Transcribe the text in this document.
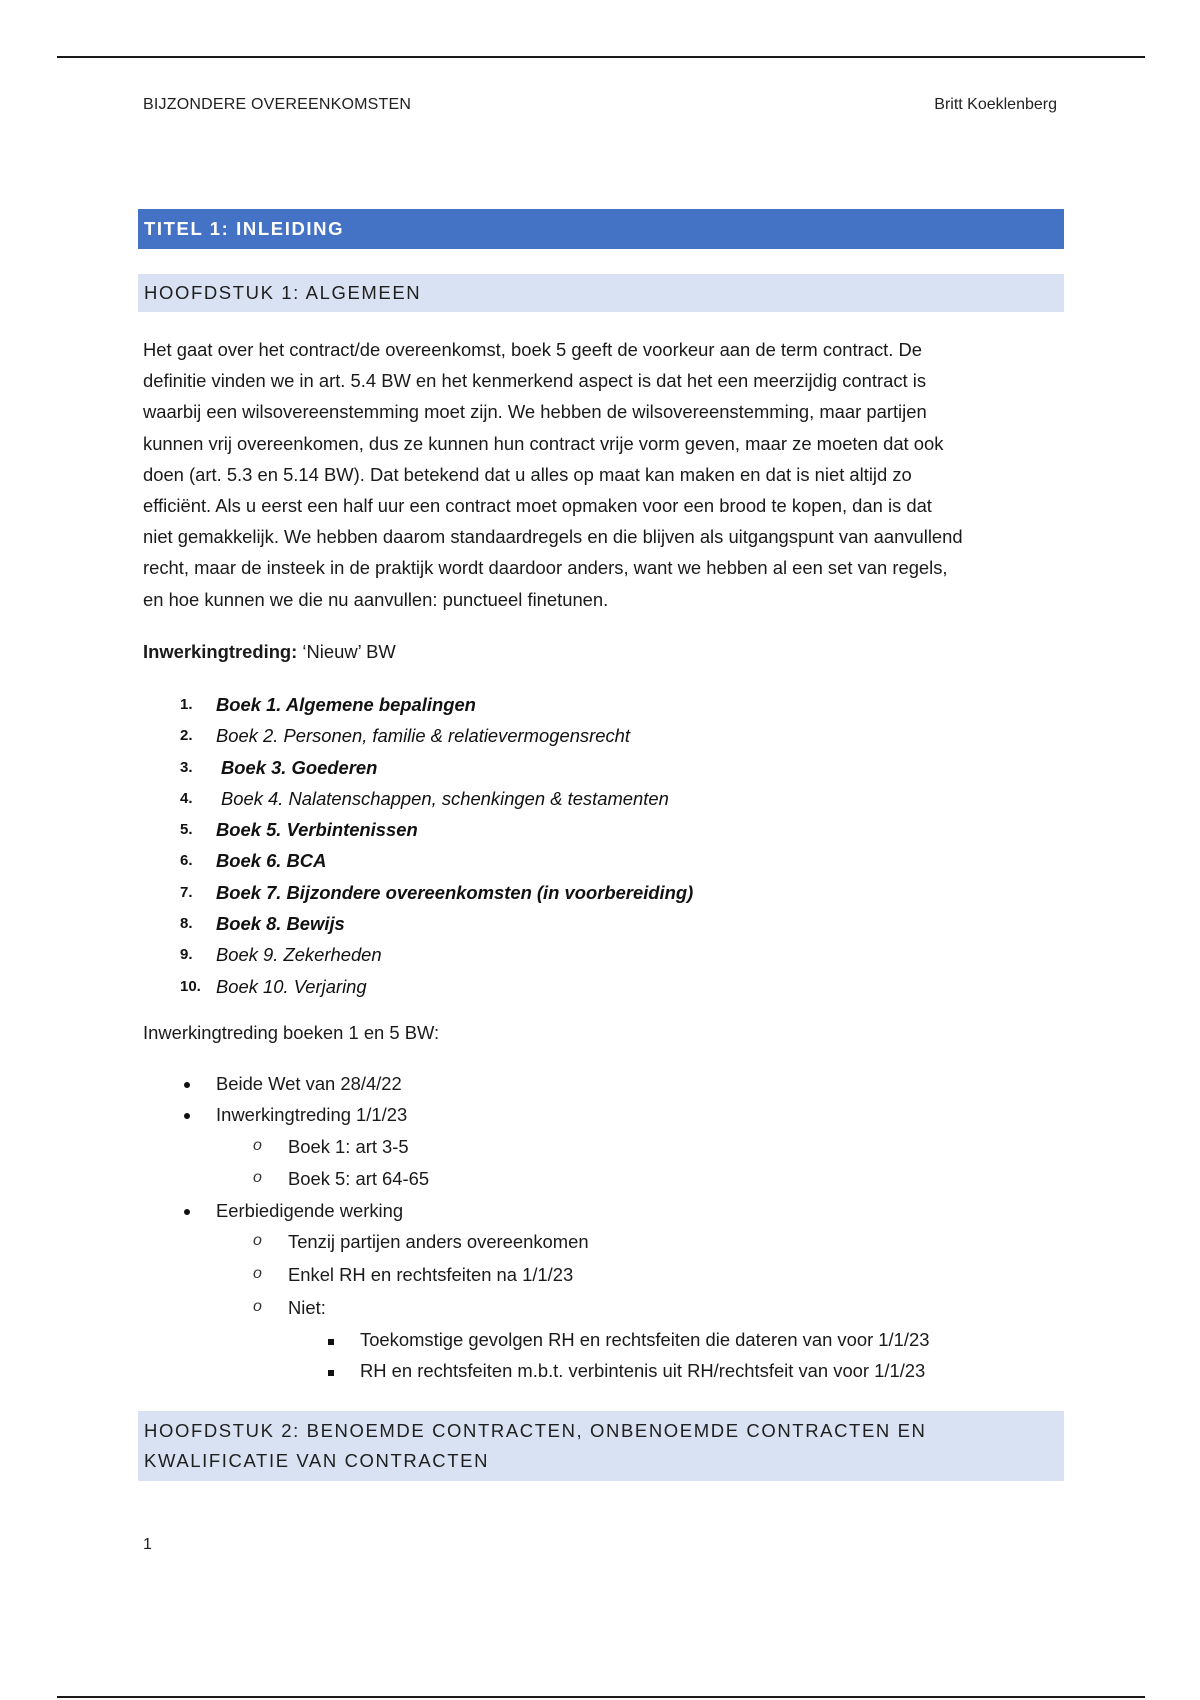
BIJZONDERE OVEREENKOMSTEN	Britt Koeklenberg
TITEL 1: INLEIDING
HOOFDSTUK 1: ALGEMEEN
Het gaat over het contract/de overeenkomst, boek 5 geeft de voorkeur aan de term contract. De
definitie vinden we in art. 5.4 BW en het kenmerkend aspect is dat het een meerzijdig contract is
waarbij een wilsovereenstemming moet zijn. We hebben de wilsovereenstemming, maar partijen
kunnen vrij overeenkomen, dus ze kunnen hun contract vrije vorm geven, maar ze moeten dat ook
doen (art. 5.3 en 5.14 BW). Dat betekend dat u alles op maat kan maken en dat is niet altijd zo
efficiënt. Als u eerst een half uur een contract moet opmaken voor een brood te kopen, dan is dat
niet gemakkelijk. We hebben daarom standaardregels en die blijven als uitgangspunt van aanvullend
recht, maar de insteek in de praktijk wordt daardoor anders, want we hebben al een set van regels,
en hoe kunnen we die nu aanvullen: punctueel finetunen.
Inwerkingtreding: ‘Nieuw’ BW
1.	Boek 1. Algemene bepalingen
2.	Boek 2. Personen, familie & relatievermogensrecht
3.	Boek 3. Goederen
4.	Boek 4. Nalatenschappen, schenkingen & testamenten
5.	Boek 5. Verbintenissen
6.	Boek 6. BCA
7.	Boek 7. Bijzondere overeenkomsten (in voorbereiding)
8.	Boek 8. Bewijs
9.	Boek 9. Zekerheden
10. Boek 10. Verjaring
Inwerkingtreding boeken 1 en 5 BW:
Beide Wet van 28/4/22
Inwerkingtreding 1/1/23
o Boek 1: art 3-5
o Boek 5: art 64-65
Eerbiedigende werking
o Tenzij partijen anders overeenkomen
o Enkel RH en rechtsfeiten na 1/1/23
o Niet:
Toekomstige gevolgen RH en rechtsfeiten die dateren van voor 1/1/23
RH en rechtsfeiten m.b.t. verbintenis uit RH/rechtsfeit van voor 1/1/23
HOOFDSTUK 2: BENOEMDE CONTRACTEN, ONBENOEMDE CONTRACTEN EN
KWALIFICATIE VAN CONTRACTEN
1
